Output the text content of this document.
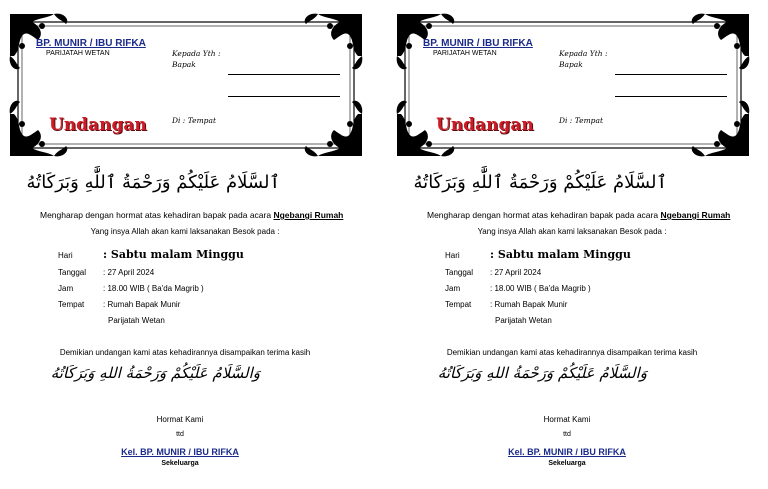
BP. MUNIR / IBU RIFKA
PARIJATAH WETAN	Kepada Yth :
Bapak
Di : Tempat
Undangan
ٱلسَّلَامُ عَلَيْكُمْ وَرَحْمَةُ ٱللَّٰهِ وَبَرَكَاتُهُ
Mengharap dengan hormat atas kehadiran bapak pada acara Ngebangi Rumah
Yang insya Allah akan kami laksanakan Besok pada :
Hari	: Sabtu malam Minggu
Tanggal : 27 April 2024
Jam	: 18.00 WIB ( Ba'da Magrib )
Tempat : Rumah Bapak Munir
Parijatah Wetan
Demikian undangan kami atas kehadirannya disampaikan terima kasih
وَالسَّلَامُ عَلَيْكُمْ وَرَحْمَةُ اللهِ وَبَرَكَاتُهُ
Hormat Kami
ttd
Kel. BP. MUNIR / IBU RIFKA
Sekeluarga
BP. MUNIR / IBU RIFKA
PARIJATAH WETAN	Kepada Yth :
Bapak
Di : Tempat
Undangan
ٱلسَّلَامُ عَلَيْكُمْ وَرَحْمَةُ ٱللَّٰهِ وَبَرَكَاتُهُ
Mengharap dengan hormat atas kehadiran bapak pada acara Ngebangi Rumah
Yang insya Allah akan kami laksanakan Besok pada :
Hari	: Sabtu malam Minggu
Tanggal : 27 April 2024
Jam	: 18.00 WIB ( Ba'da Magrib )
Tempat : Rumah Bapak Munir
Parijatah Wetan
Demikian undangan kami atas kehadirannya disampaikan terima kasih
وَالسَّلَامُ عَلَيْكُمْ وَرَحْمَةُ اللهِ وَبَرَكَاتُهُ
Hormat Kami
ttd
Kel. BP. MUNIR / IBU RIFKA
Sekeluarga
